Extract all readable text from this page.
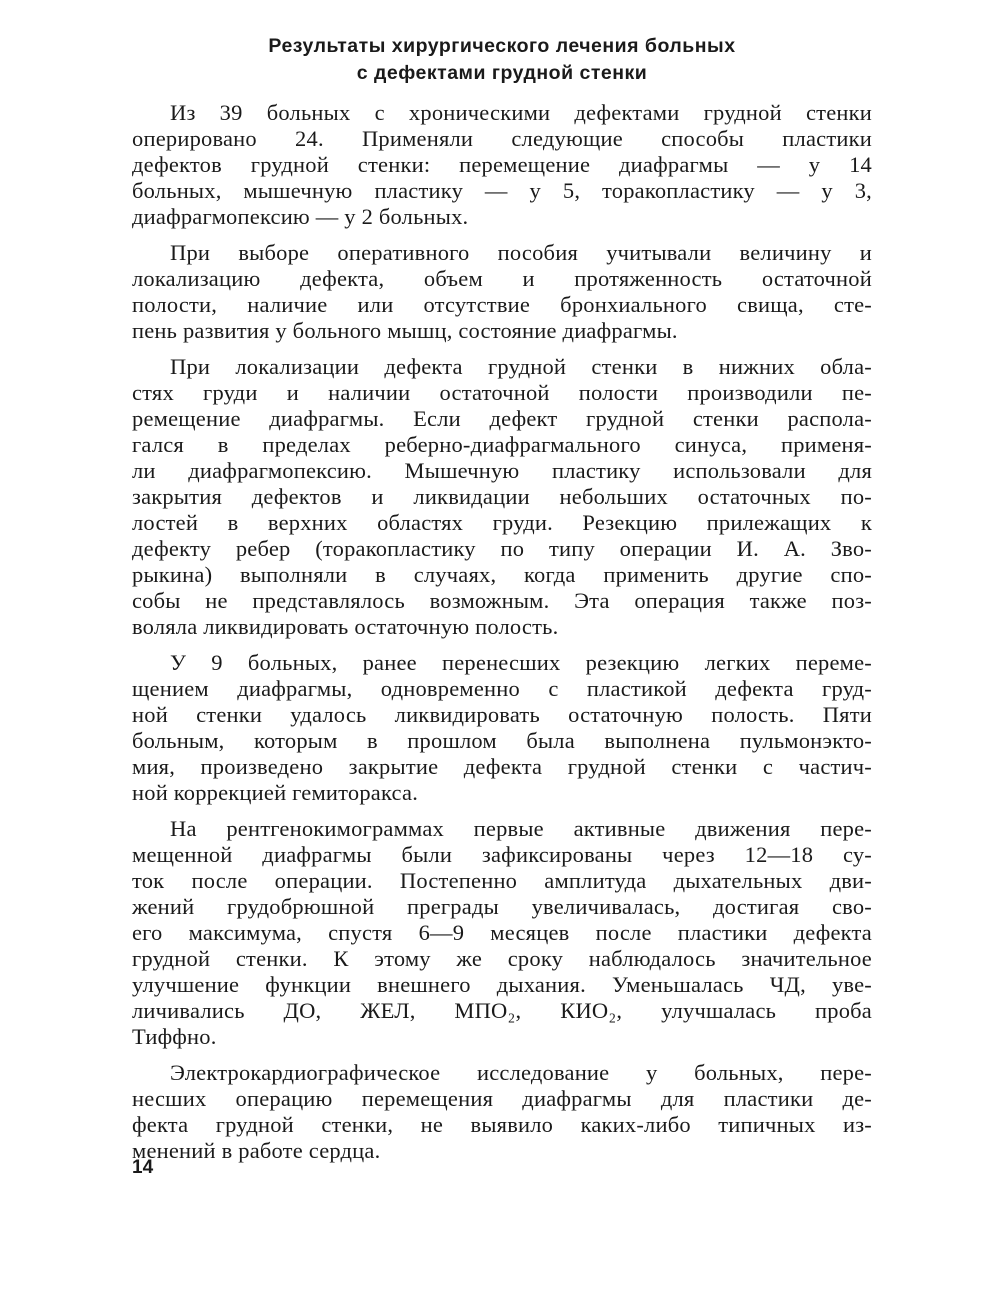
Результаты хирургического лечения больных
с дефектами грудной стенки

Из 39 больных с хроническими дефектами грудной стенки
оперировано 24. Применяли следующие способы пластики
дефектов грудной стенки: перемещение диафрагмы — у 14
больных, мышечную пластику — у 5, торакопластику — у 3,
диафрагмопексию — у 2 больных.

При выборе оперативного пособия учитывали величину и
локализацию дефекта, объем и протяженность остаточной
полости, наличие или отсутствие бронхиального свища, сте-
пень развития у больного мышц, состояние диафрагмы.

При локализации дефекта грудной стенки в нижних обла-
стях груди и наличии остаточной полости производили пе-
ремещение диафрагмы. Если дефект грудной стенки распола-
гался в пределах реберно-диафрагмального синуса, применя-
ли диафрагмопексию. Мышечную пластику использовали для
закрытия дефектов и ликвидации небольших остаточных по-
лостей в верхних областях груди. Резекцию прилежащих к
дефекту ребер (торакопластику по типу операции И. А. Зво-
рыкина) выполняли в случаях, когда применить другие спо-
собы не представлялось возможным. Эта операция также поз-
воляла ликвидировать остаточную полость.

У 9 больных, ранее перенесших резекцию легких переме-
щением диафрагмы, одновременно с пластикой дефекта груд-
ной стенки удалось ликвидировать остаточную полость. Пяти
больным, которым в прошлом была выполнена пульмонэкто-
мия, произведено закрытие дефекта грудной стенки с частич-
ной коррекцией гемиторакса.

На рентгенокимограммах первые активные движения пере-
мещенной диафрагмы были зафиксированы через 12—18 су-
ток после операции. Постепенно амплитуда дыхательных дви-
жений грудобрюшной преграды увеличивалась, достигая сво-
его максимума, спустя 6—9 месяцев после пластики дефекта
грудной стенки. К этому же сроку наблюдалось значительное
улучшение функции внешнего дыхания. Уменьшалась ЧД, уве-
личивались ДО, ЖЕЛ, МПО₂, КИО₂, улучшалась проба
Тиффно.

Электрокардиографическое исследование у больных, пере-
несших операцию перемещения диафрагмы для пластики де-
фекта грудной стенки, не выявило каких-либо типичных из-
менений в работе сердца.

14
